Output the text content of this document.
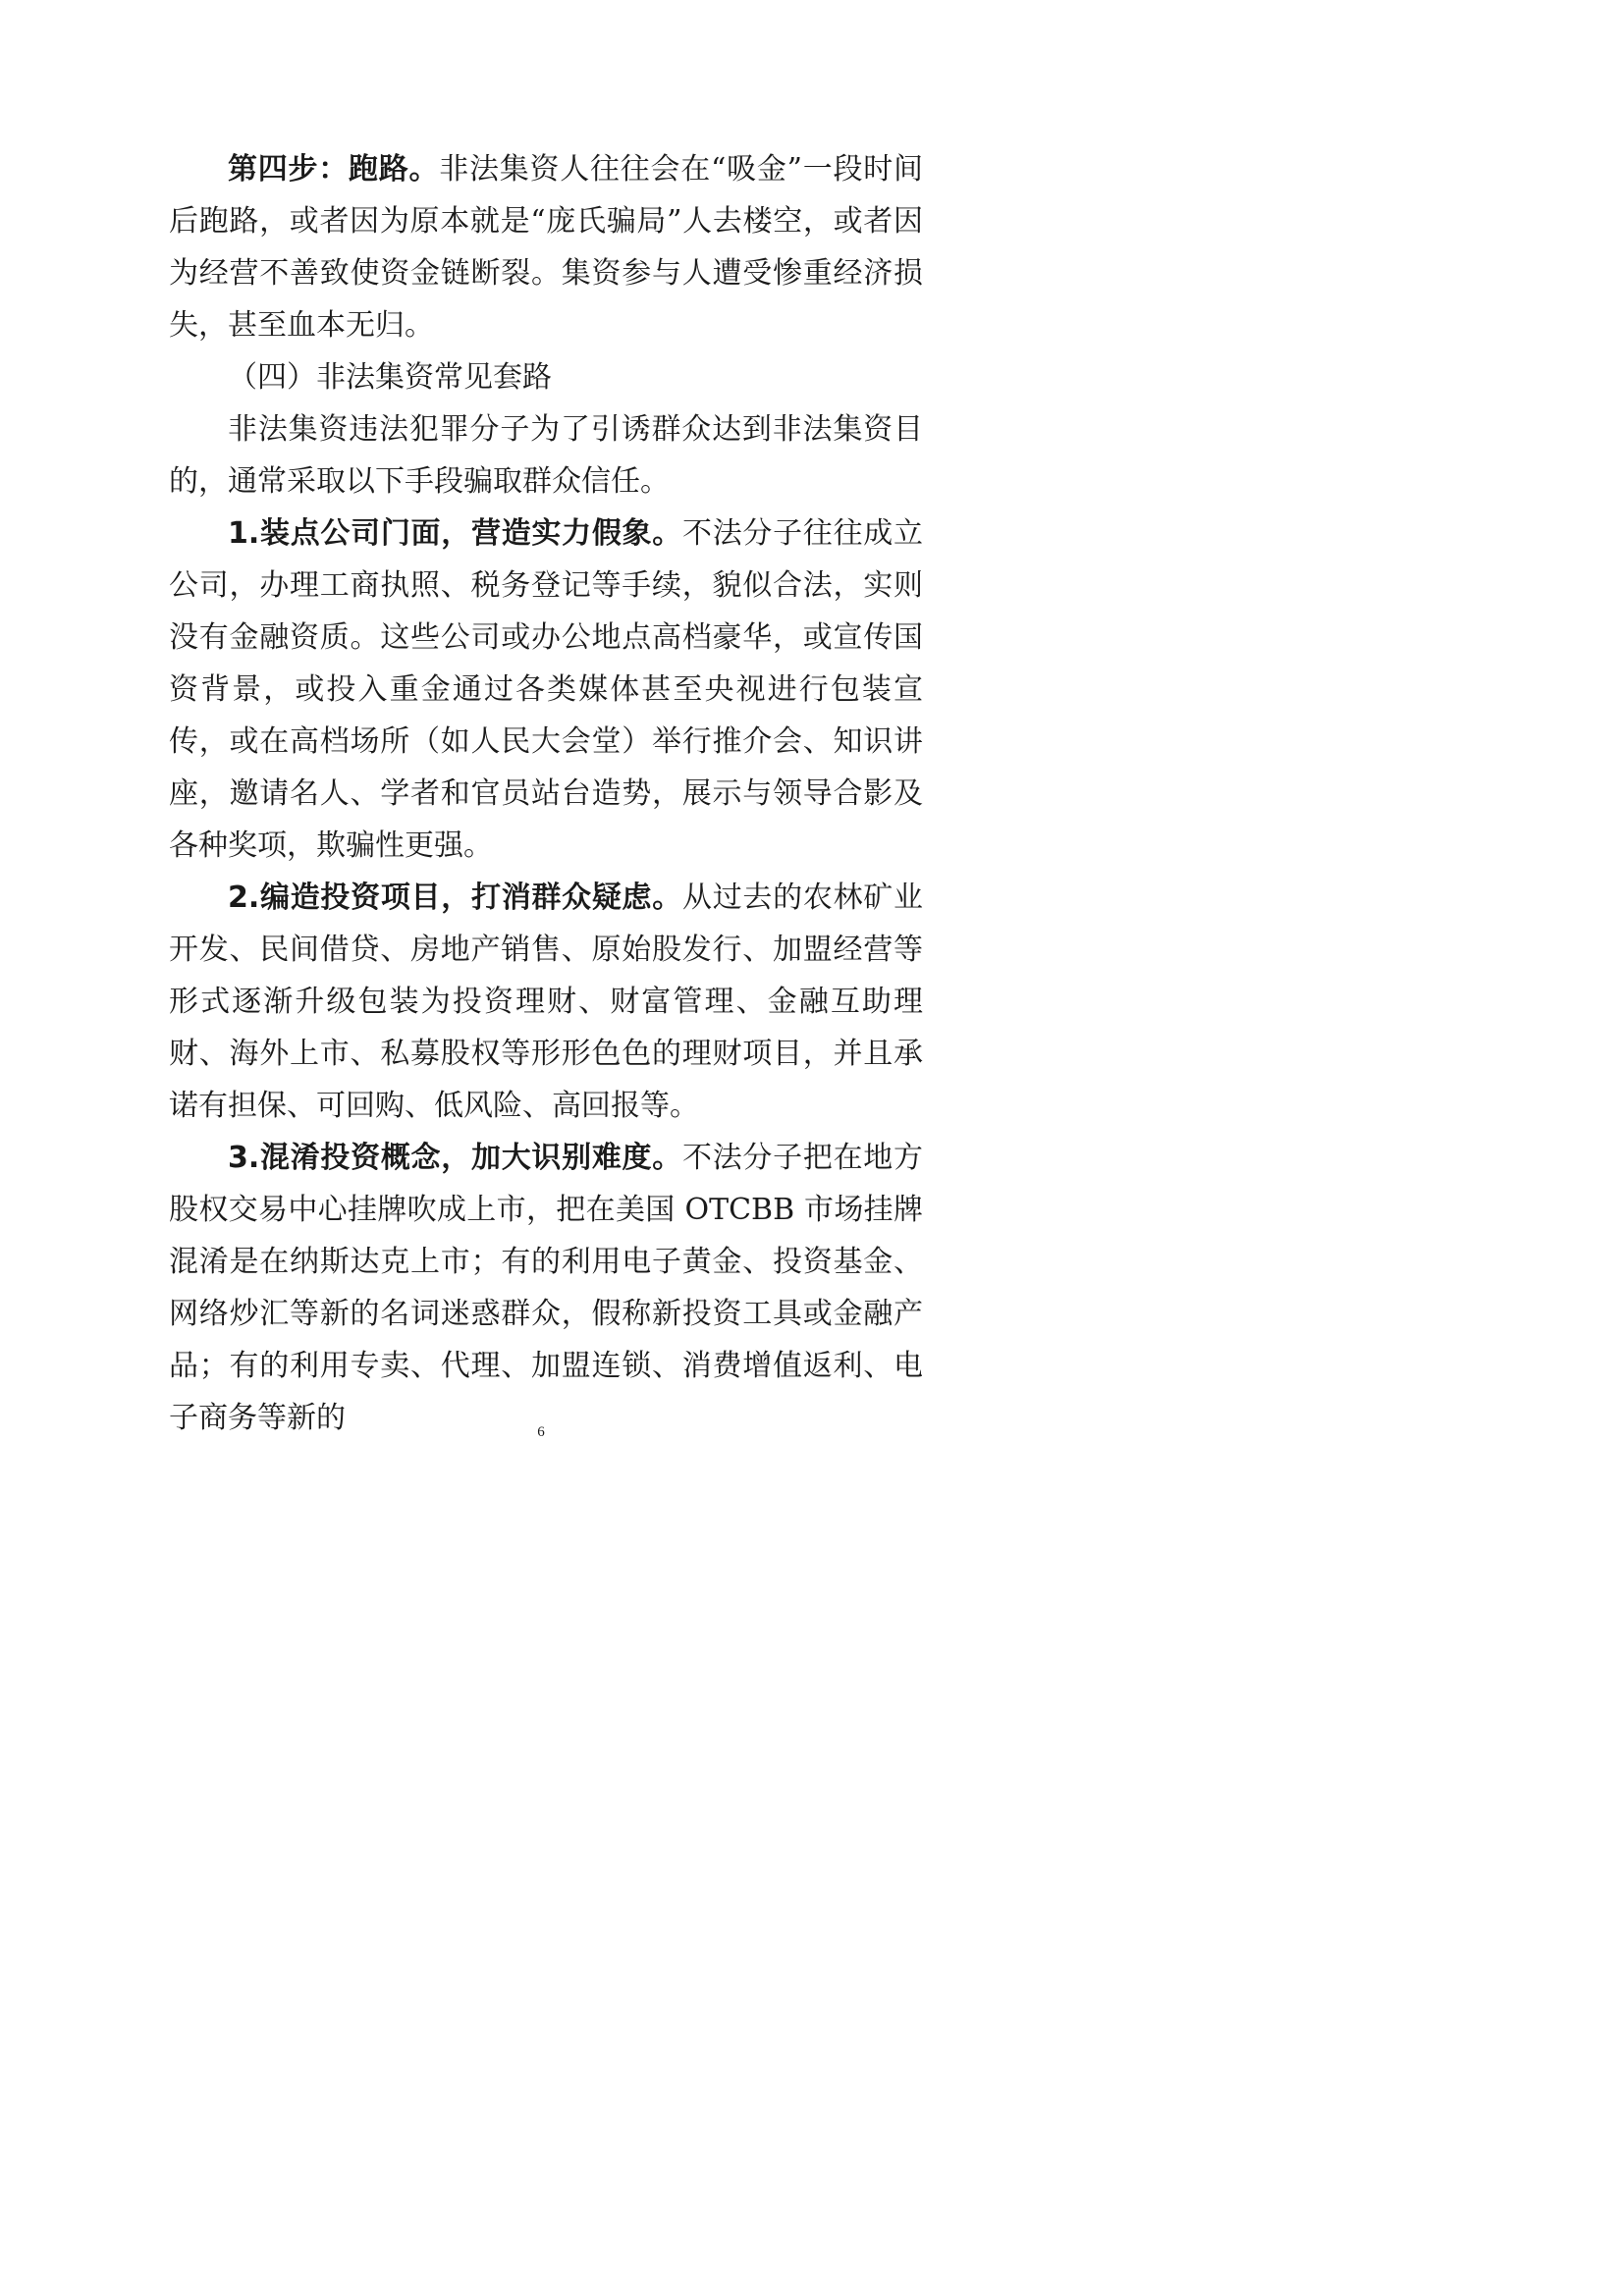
第四步：跑路。非法集资人往往会在“吸金”一段时间后跑路，或者因为原本就是“庞氏骗局”人去楼空，或者因为经营不善致使资金链断裂。集资参与人遭受惨重经济损失，甚至血本无归。

（四）非法集资常见套路

非法集资违法犯罪分子为了引诱群众达到非法集资目的，通常采取以下手段骗取群众信任。

1.装点公司门面，营造实力假象。不法分子往往成立公司，办理工商执照、税务登记等手续，貌似合法，实则没有金融资质。这些公司或办公地点高档豪华，或宣传国资背景，或投入重金通过各类媒体甚至央视进行包装宣传，或在高档场所（如人民大会堂）举行推介会、知识讲座，邀请名人、学者和官员站台造势，展示与领导合影及各种奖项，欺骗性更强。

2.编造投资项目，打消群众疑虑。从过去的农林矿业开发、民间借贷、房地产销售、原始股发行、加盟经营等形式逐渐升级包装为投资理财、财富管理、金融互助理财、海外上市、私募股权等形形色色的理财项目，并且承诺有担保、可回购、低风险、高回报等。

3.混淆投资概念，加大识别难度。不法分子把在地方股权交易中心挂牌吹成上市，把在美国 OTCBB 市场挂牌混淆是在纳斯达克上市；有的利用电子黄金、投资基金、网络炒汇等新的名词迷惑群众，假称新投资工具或金融产品；有的利用专卖、代理、加盟连锁、消费增值返利、电子商务等新的	6
